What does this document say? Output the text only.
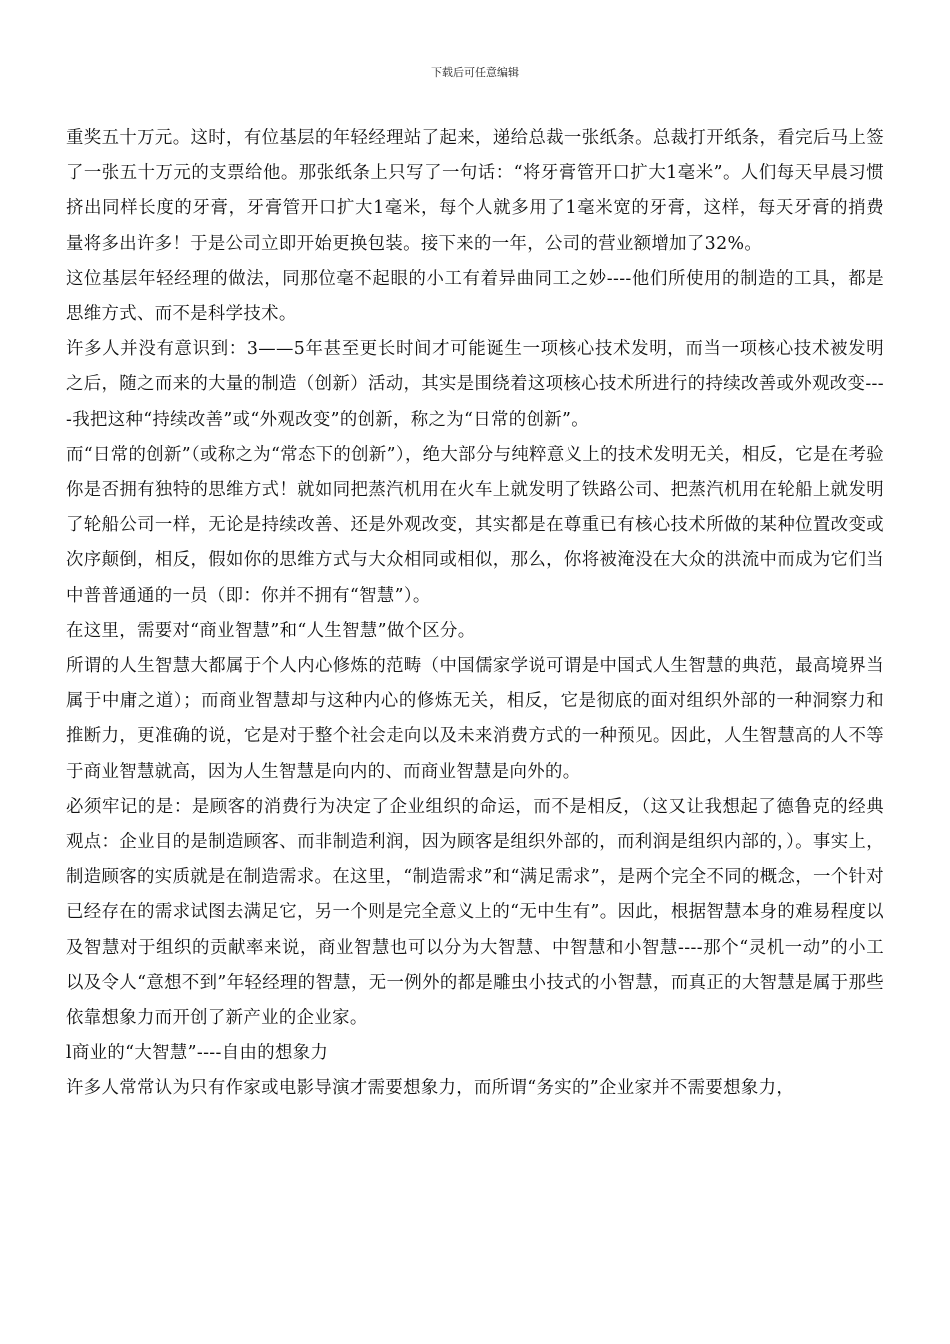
下载后可任意编辑

重奖五十万元。这时，有位基层的年轻经理站了起来，递给总裁一张纸条。总裁打开纸条，看完后马上签了一张五十万元的支票给他。那张纸条上只写了一句话：“将牙膏管开口扩大1毫米”。人们每天早晨习惯挤出同样长度的牙膏，牙膏管开口扩大1毫米，每个人就多用了1毫米宽的牙膏，这样，每天牙膏的捎费量将多出许多！于是公司立即开始更换包装。接下来的一年，公司的营业额增加了32%。

这位基层年轻经理的做法，同那位毫不起眼的小工有着异曲同工之妙----他们所使用的制造的工具，都是思维方式、而不是科学技术。

许多人并没有意识到：3——5年甚至更长时间才可能诞生一项核心技术发明，而当一项核心技术被发明之后，随之而来的大量的制造（创新）活动，其实是围绕着这项核心技术所进行的持续改善或外观改变----我把这种“持续改善”或“外观改变”的创新，称之为“日常的创新”。

而“日常的创新”（或称之为“常态下的创新”），绝大部分与纯粹意义上的技术发明无关，相反，它是在考验你是否拥有独特的思维方式！就如同把蒸汽机用在火车上就发明了铁路公司、把蒸汽机用在轮船上就发明了轮船公司一样，无论是持续改善、还是外观改变，其实都是在尊重已有核心技术所做的某种位置改变或次序颠倒，相反，假如你的思维方式与大众相同或相似，那么，你将被淹没在大众的洪流中而成为它们当中普普通通的一员（即：你并不拥有“智慧”）。

在这里，需要对“商业智慧”和“人生智慧”做个区分。

所谓的人生智慧大都属于个人内心修炼的范畴（中国儒家学说可谓是中国式人生智慧的典范，最高境界当属于中庸之道）；而商业智慧却与这种内心的修炼无关，相反，它是彻底的面对组织外部的一种洞察力和推断力，更准确的说，它是对于整个社会走向以及未来消费方式的一种预见。因此，人生智慧高的人不等于商业智慧就高，因为人生智慧是向内的、而商业智慧是向外的。

必须牢记的是：是顾客的消费行为决定了企业组织的命运，而不是相反，（这又让我想起了德鲁克的经典观点：企业目的是制造顾客、而非制造利润，因为顾客是组织外部的，而利润是组织内部的，）。事实上，制造顾客的实质就是在制造需求。在这里，“制造需求”和“满足需求”，是两个完全不同的概念，一个针对已经存在的需求试图去满足它，另一个则是完全意义上的“无中生有”。因此，根据智慧本身的难易程度以及智慧对于组织的贡献率来说，商业智慧也可以分为大智慧、中智慧和小智慧----那个“灵机一动”的小工以及令人“意想不到”年轻经理的智慧，无一例外的都是雕虫小技式的小智慧，而真正的大智慧是属于那些依靠想象力而开创了新产业的企业家。

l商业的“大智慧”----自由的想象力

许多人常常认为只有作家或电影导演才需要想象力，而所谓“务实的”企业家并不需要想象力，
